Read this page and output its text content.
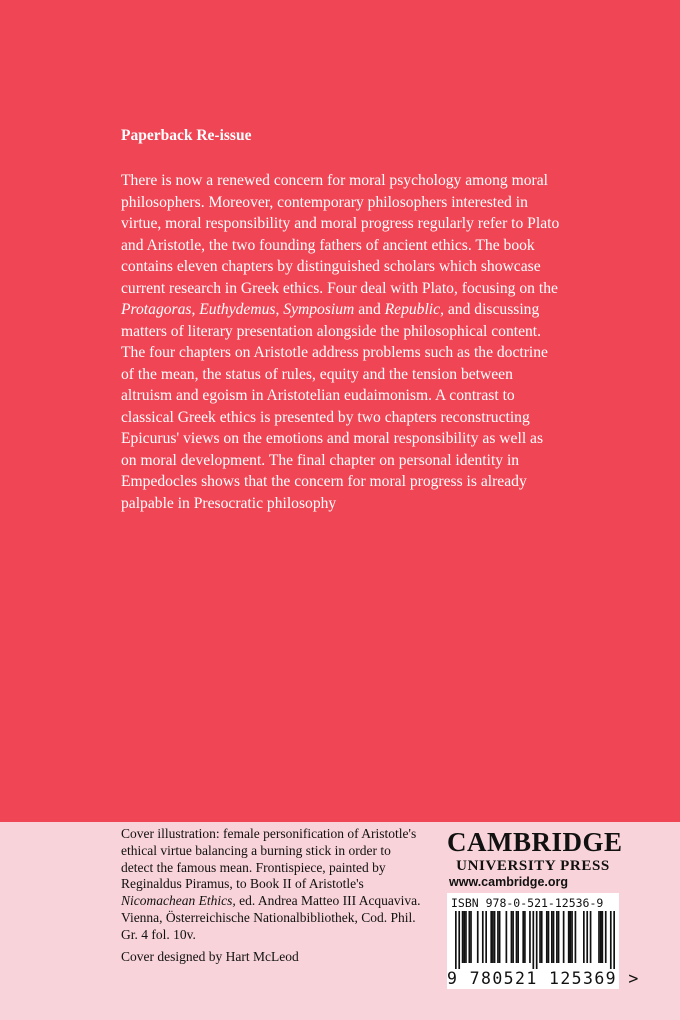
Paperback Re-issue

There is now a renewed concern for moral psychology among moral philosophers. Moreover, contemporary philosophers interested in virtue, moral responsibility and moral progress regularly refer to Plato and Aristotle, the two founding fathers of ancient ethics. The book contains eleven chapters by distinguished scholars which showcase current research in Greek ethics. Four deal with Plato, focusing on the Protagoras, Euthydemus, Symposium and Republic, and discussing matters of literary presentation alongside the philosophical content. The four chapters on Aristotle address problems such as the doctrine of the mean, the status of rules, equity and the tension between altruism and egoism in Aristotelian eudaimonism. A contrast to classical Greek ethics is presented by two chapters reconstructing Epicurus' views on the emotions and moral responsibility as well as on moral development. The final chapter on personal identity in Empedocles shows that the concern for moral progress is already palpable in Presocratic philosophy

Cover illustration: female personification of Aristotle's ethical virtue balancing a burning stick in order to detect the famous mean. Frontispiece, painted by Reginaldus Piramus, to Book II of Aristotle's Nicomachean Ethics, ed. Andrea Matteo III Acquaviva. Vienna, Österreichische Nationalbibliothek, Cod. Phil. Gr. 4 fol. 10v.

Cover designed by Hart McLeod

CAMBRIDGE
UNIVERSITY PRESS
www.cambridge.org
ISBN 978-0-521-12536-9
9 780521 125369 >
